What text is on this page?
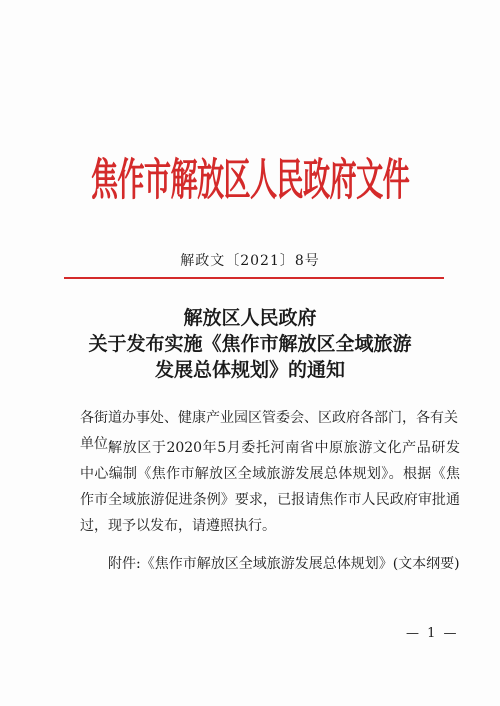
焦作市解放区人民政府文件
解政文〔2021〕8号
解放区人民政府
关于发布实施《焦作市解放区全域旅游
发展总体规划》的通知
各街道办事处、健康产业园区管委会、区政府各部门，各有关单位:
解放区于2020年5月委托河南省中原旅游文化产品研发中心编制《焦作市解放区全域旅游发展总体规划》。根据《焦作市全域旅游促进条例》要求，已报请焦作市人民政府审批通过，现予以发布，请遵照执行。
附件:《焦作市解放区全域旅游发展总体规划》(文本纲要)
— 1 —
